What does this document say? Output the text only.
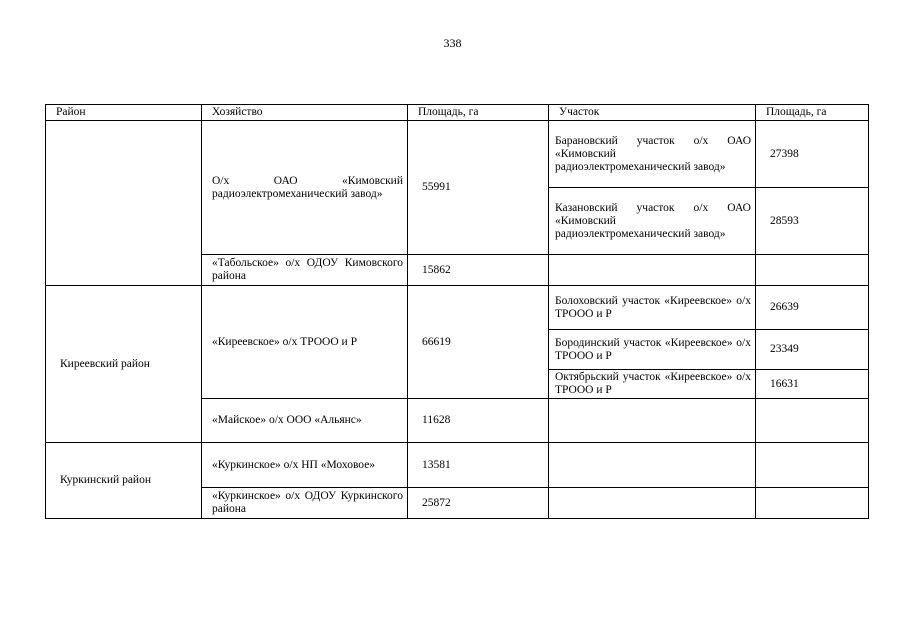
338
Район	Хозяйство	Площадь, га	Участок	Площадь, га

	О/х ОАО «Кимовский
радиоэлектромеханический завод»	55991	Барановский участок о/х ОАО «Кимовский радиоэлектромеханический завод»	27398
			Казановский участок о/х ОАО «Кимовский радиоэлектромеханический завод»	28593
	«Табольское» о/х ОДОУ Кимовского района	15862		
Киреевский район	«Киреевское» о/х ТРООО и Р	66619	Болоховский участок «Киреевское» о/х ТРООО и Р	26639
			Бородинский участок «Киреевское» о/х ТРООО и Р	23349
			Октябрьский участок «Киреевское» о/х ТРООО и Р	16631
	«Майское» о/х ООО «Альянс»	11628		
Куркинский район	«Куркинское» о/х НП «Моховое»	13581		
	«Куркинское» о/х ОДОУ Куркинского района	25872		
